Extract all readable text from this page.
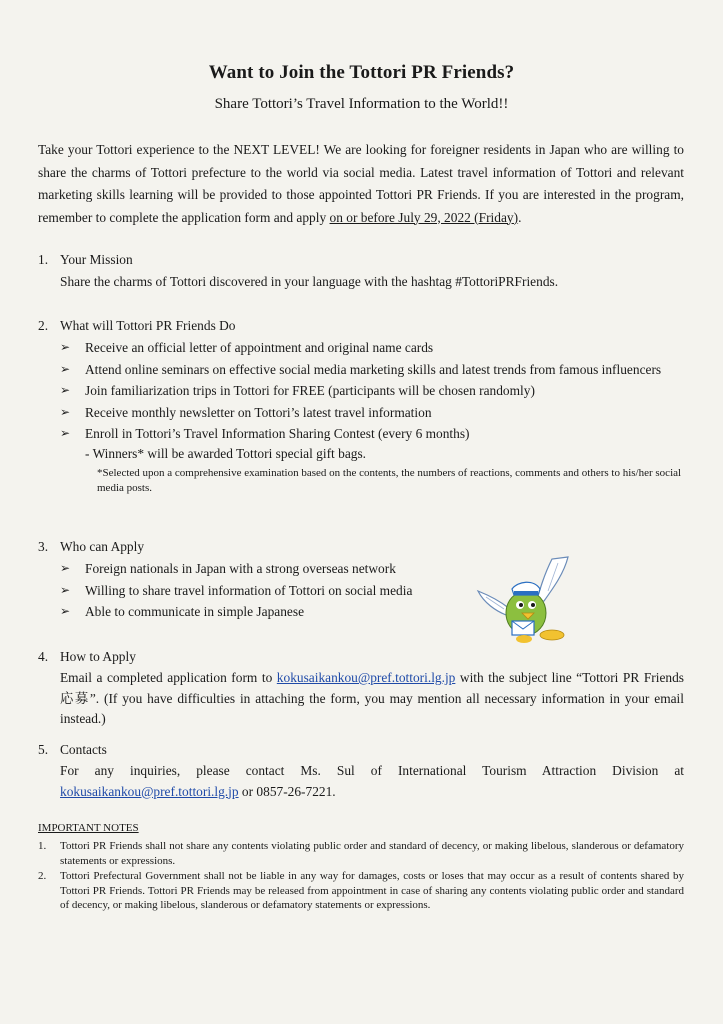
Want to Join the Tottori PR Friends?
Share Tottori’s Travel Information to the World!!

Take your Tottori experience to the NEXT LEVEL! We are looking for foreigner residents in Japan who are willing to share the charms of Tottori prefecture to the world via social media. Latest travel information of Tottori and relevant marketing skills learning will be provided to those appointed Tottori PR Friends. If you are interested in the program, remember to complete the application form and apply on or before July 29, 2022 (Friday).

1. Your Mission
Share the charms of Tottori discovered in your language with the hashtag #TottoriPRFriends.
2. What will Tottori PR Friends Do
➢	Receive an official letter of appointment and original name cards
➢	Attend online seminars on effective social media marketing skills and latest trends from famous influencers
➢	Join familiarization trips in Tottori for FREE (participants will be chosen randomly)
➢	Receive monthly newsletter on Tottori’s latest travel information
➢	Enroll in Tottori’s Travel Information Sharing Contest (every 6 months)
- Winners* will be awarded Tottori special gift bags.
*Selected upon a comprehensive examination based on the contents, the numbers of reactions, comments and others to his/her social media posts.
3. Who can Apply
➢	Foreign nationals in Japan with a strong overseas network
➢	Willing to share travel information of Tottori on social media
➢	Able to communicate in simple Japanese
4. How to Apply
Email a completed application form to kokusaikankou@pref.tottori.lg.jp with the subject line “Tottori PR Friends 応募”. (If you have difficulties in attaching the form, you may mention all necessary information in your email instead.)
5. Contacts
For any inquiries, please contact Ms. Sul of International Tourism Attraction Division at kokusaikankou@pref.tottori.lg.jp or 0857-26-7221.
IMPORTANT NOTES
1.	Tottori PR Friends shall not share any contents violating public order and standard of decency, or making libelous, slanderous or defamatory statements or expressions.
2.	Tottori Prefectural Government shall not be liable in any way for damages, costs or loses that may occur as a result of contents shared by Tottori PR Friends. Tottori PR Friends may be released from appointment in case of sharing any contents violating public order and standard of decency, or making libelous, slanderous or defamatory statements or expressions.
